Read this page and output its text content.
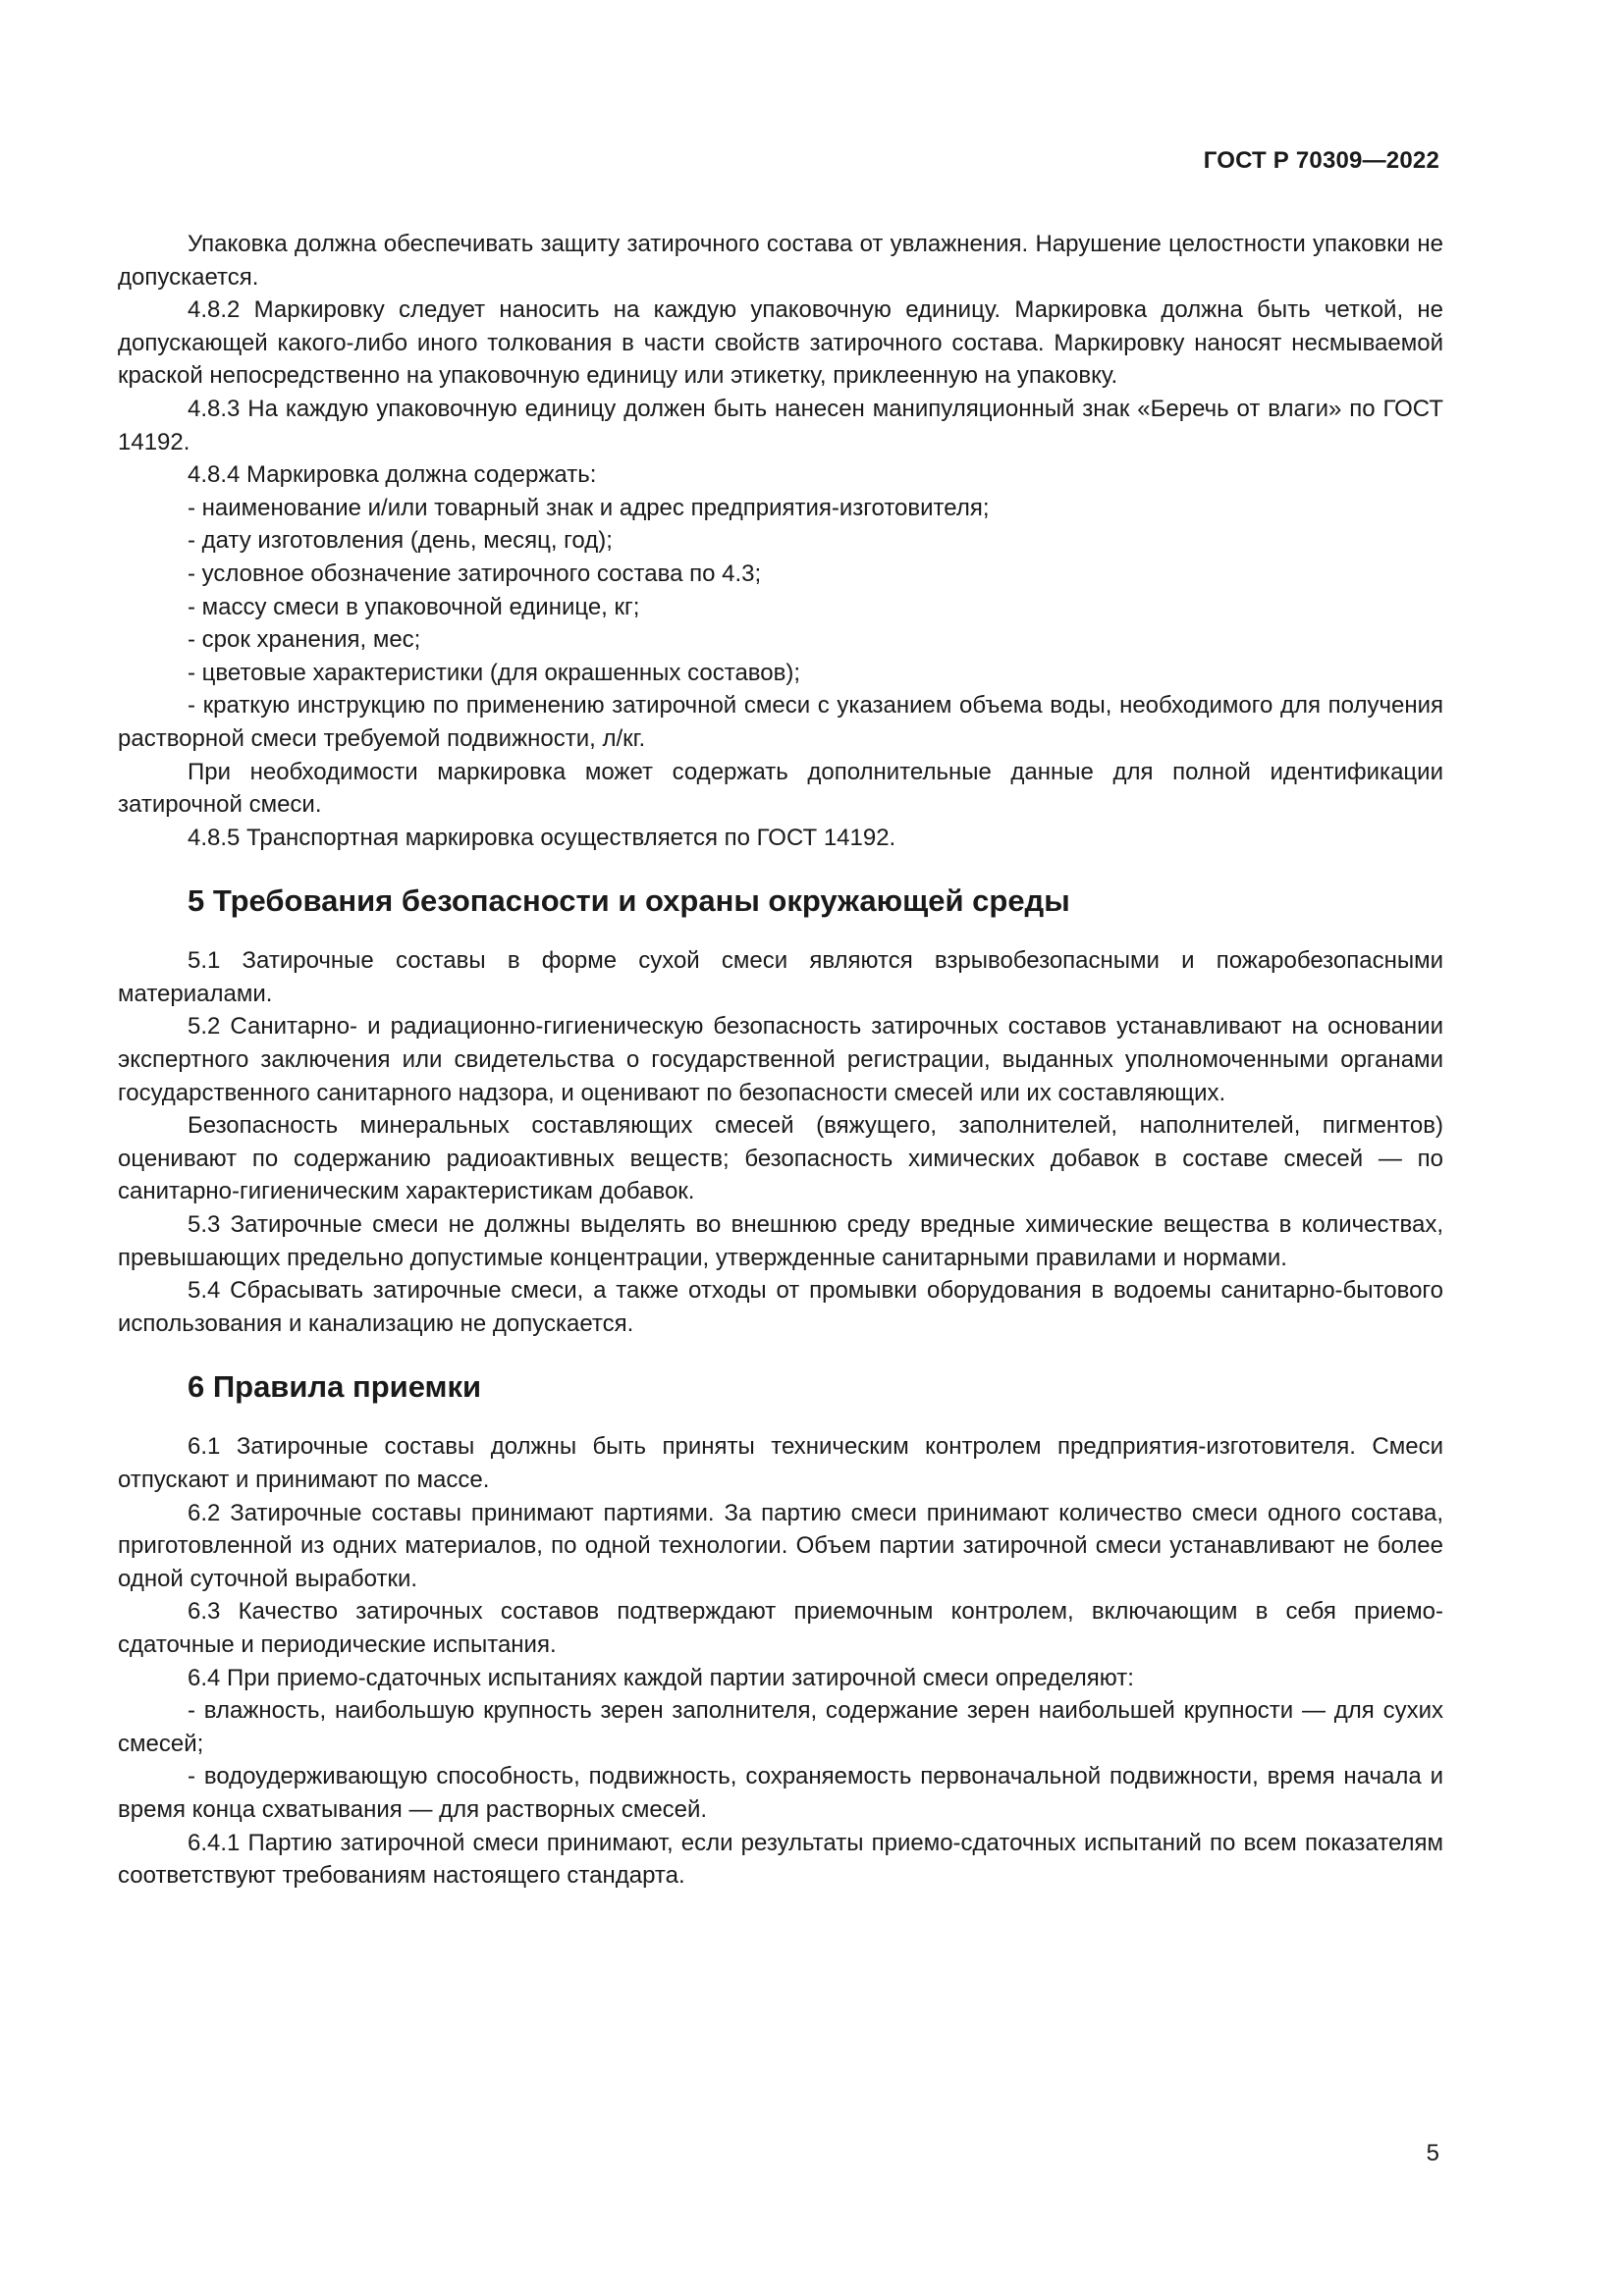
ГОСТ Р 70309—2022

Упаковка должна обеспечивать защиту затирочного состава от увлажнения. Нарушение целостности упаковки не допускается.

4.8.2 Маркировку следует наносить на каждую упаковочную единицу. Маркировка должна быть четкой, не допускающей какого-либо иного толкования в части свойств затирочного состава. Маркировку наносят несмываемой краской непосредственно на упаковочную единицу или этикетку, приклеенную на упаковку.

4.8.3 На каждую упаковочную единицу должен быть нанесен манипуляционный знак «Беречь от влаги» по ГОСТ 14192.

4.8.4 Маркировка должна содержать:

- наименование и/или товарный знак и адрес предприятия-изготовителя;

- дату изготовления (день, месяц, год);

- условное обозначение затирочного состава по 4.3;

- массу смеси в упаковочной единице, кг;

- срок хранения, мес;

- цветовые характеристики (для окрашенных составов);

- краткую инструкцию по применению затирочной смеси с указанием объема воды, необходимого для получения растворной смеси требуемой подвижности, л/кг.

При необходимости маркировка может содержать дополнительные данные для полной идентификации затирочной смеси.

4.8.5 Транспортная маркировка осуществляется по ГОСТ 14192.

5 Требования безопасности и охраны окружающей среды

5.1 Затирочные составы в форме сухой смеси являются взрывобезопасными и пожаробезопасными материалами.

5.2 Санитарно- и радиационно-гигиеническую безопасность затирочных составов устанавливают на основании экспертного заключения или свидетельства о государственной регистрации, выданных уполномоченными органами государственного санитарного надзора, и оценивают по безопасности смесей или их составляющих.

Безопасность минеральных составляющих смесей (вяжущего, заполнителей, наполнителей, пигментов) оценивают по содержанию радиоактивных веществ; безопасность химических добавок в составе смесей — по санитарно-гигиеническим характеристикам добавок.

5.3 Затирочные смеси не должны выделять во внешнюю среду вредные химические вещества в количествах, превышающих предельно допустимые концентрации, утвержденные санитарными правилами и нормами.

5.4 Сбрасывать затирочные смеси, а также отходы от промывки оборудования в водоемы санитарно-бытового использования и канализацию не допускается.

6 Правила приемки

6.1 Затирочные составы должны быть приняты техническим контролем предприятия-изготовителя. Смеси отпускают и принимают по массе.

6.2 Затирочные составы принимают партиями. За партию смеси принимают количество смеси одного состава, приготовленной из одних материалов, по одной технологии. Объем партии затирочной смеси устанавливают не более одной суточной выработки.

6.3 Качество затирочных составов подтверждают приемочным контролем, включающим в себя приемо-сдаточные и периодические испытания.

6.4 При приемо-сдаточных испытаниях каждой партии затирочной смеси определяют:

- влажность, наибольшую крупность зерен заполнителя, содержание зерен наибольшей крупности — для сухих смесей;

- водоудерживающую способность, подвижность, сохраняемость первоначальной подвижности, время начала и время конца схватывания — для растворных смесей.

6.4.1 Партию затирочной смеси принимают, если результаты приемо-сдаточных испытаний по всем показателям соответствуют требованиям настоящего стандарта.

5
